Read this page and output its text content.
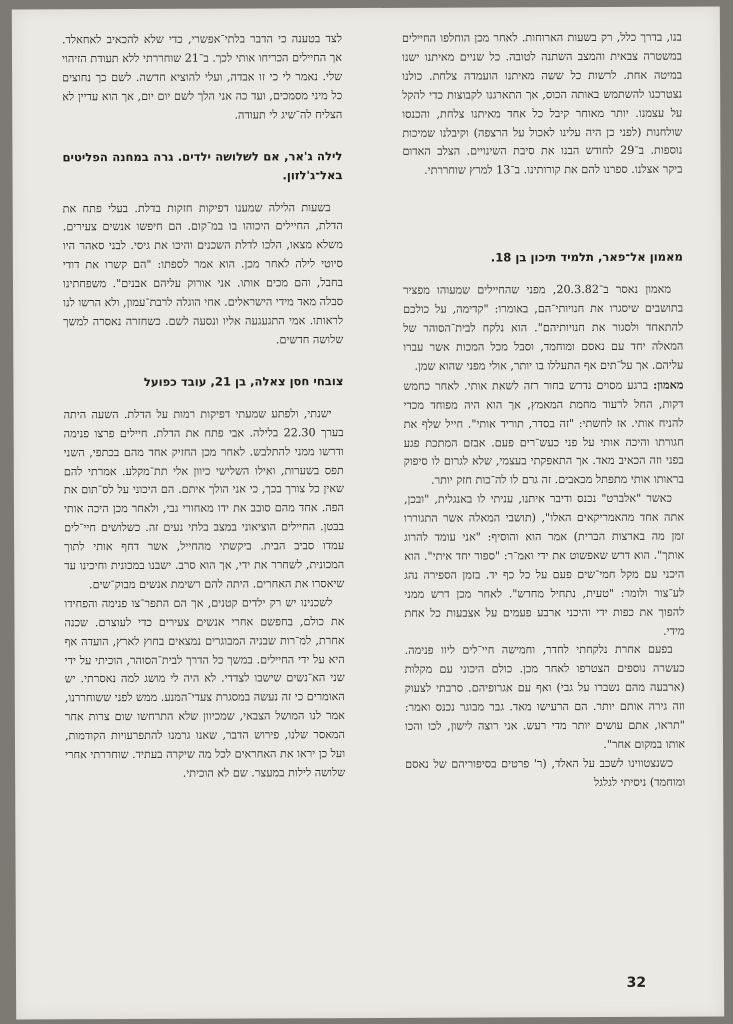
בנו, בדרך כלל, רק בשעות הארוחות. לאחר מכן הוחלפו החיילים במשטרה צבאית והמצב השתנה לטובה. כל שניים מאיתנו ישנו במיטה אחת. לרשות כל ששה מאיתנו הועמדה צלחת. כולנו נצטרכנו להשתמש באותה הכוס, אך התארגנו לקבוצות כדי להקל על עצמנו. יותר מאוחר קיבל כל אחד מאיתנו צלחת, והכנסו שולחנות (לפני כן היה עלינו לאכול על הרצפה) וקיבלנו שמיכות נוספות. ב־29 לחודש הבנו את סיבת השינויים. הצלב האדום ביקר אצלנו. ספרנו להם את קורותינו. ב־13 למרץ שוחררתי.

מאמון אל־פאר, תלמיד תיכון בן 18.

מאמון נאסר ב־20.3.82, מפני שהחיילים שמעוהו מפציר בתושבים שיסגרו את חנויותי־הם, באומרו: "קדימה, על כולכם להתאחד ולסגור את חנויותיהם". הוא נלקח לבית־הסוהר של המאלה יחד עם נאסם ומוחמד, וסבל מכל המכות אשר עברו עליהם. אך על־תים אף התעללו בו יותר, אולי מפני שהוא שמן.

מאמון: ברגע מסוים נדרש בחור רזה לשאת אותי. לאחר כחמש דקות, החל לרעוד מחמת המאמץ, אך הוא היה מפוחד מכדי להניח אותי. אז לחשתי: "זה בסדר, תוריד אותי". חייל שלף את חגורתו והיכה אותי על פני כעש־רים פעם. אבזם המתכת פגע בפני וזה הכאיב מאד. אך התאפקתי בעצמי, שלא לגרום לו סיפוק בראותו אותי מתפתל מכאבים. זה גרם לו לה־כות חזק יותר.

כאשר "אלברט" נכנס ודיבר איתנו, עניתי לו באנגלית, "ובכן, אתה אחד מהאמריקאים האלו", (תושבי המאלה אשר התגוררו זמן מה בארצות הברית) אמר הוא והוסיף: "אני עומד להרוג אותך". הוא דרש שאפשוט את ידי ואמ־ר: "ספור יחד איתי". הוא היכני עם מקל חמי־שים פעם על כל כף יד. בזמן הספירה נהג לע־צור ולומר: "טעית, נתחיל מחדש". לאחר מכן דרש ממני להפוך את כפות ידי והיכני ארבע פעמים על אצבעות כל אחת מידי.

בפעם אחרת נלקחתי לחדר, וחמישה חיי־לים ליוו פנימה. כעשרה נוספים הצטרפו לאחר מכן. כולם היכוני עם מקלות (ארבעה מהם נשברו על גבי) ואף עם אגרופיהם. סרבתי לצעוק וזה גירה אותם יותר. הם הרעישו מאד. גבר מבוגר נכנס ואמר: "תראו, אתם עושים יותר מדי רעש. אני רוצה לישון, לכו והכו אותו במקום אחר".

כשנצטווינו לשכב על האלד, (ר' פרטים בסיפוריהם של נאסם ומוחמד) ניסיתי לגלגל

לצד בטענה כי הדבר בלתי־אפשרי, כדי שלא להכאיב לאחאלד. אך החיילים הכריחו אותי לכך. ב־21 שוחררתי ללא תעודת הזיהוי שלי. נאמר לי כי זו אבדה, ועלי להוציא חדשה. לשם כך נחוצים כל מיני מסמכים, ועד כה אני הלך לשם יום יום, אך הוא עדיין לא הצליח לה־שיג לי תעודה.

לילה ג'אר, אם לשלושה ילדים. גרה במחנה הפליטים באל־ג'לזון.

בשעות הלילה שמענו דפיקות חזקות בדלת. בעלי פתח את הדלת, החיילים היכוהו בו במ־קום. הם חיפשו אנשים צעירים. משלא מצאו, הלכו לדלת השכנים והיכו את גיסי. לבני סאהר היו סיוטי לילה לאחר מכן. הוא אמר לספתו: "הם קשרו את דודי בחבל, והם מכים אותו. אני אורוק עליהם אבנים". משפחתינו סבלה מאד מידי הישראלים. אחי הוגלה לרבת־עמון, ולא הרשו לנו לראותו. אמי התגעגעה אליו ונסעה לשם. כשחזרה נאסרה למשך שלושה חדשים.

צובחי חסן צאלה, בן 21, עובד כפועל

ישנתי, ולפתע שמעתי דפיקות רמות על הדלת. השעה היתה בערך 22.30 בלילה. אבי פתח את הדלת. חיילים פרצו פנימה ודרשו ממני להתלבש. לאחר מכן החזיק אחד מהם בכתפי, השני תפס בשערות, ואילו השלישי כיוון אלי תת־מקלע. אמרתי להם שאין כל צורך בכך, כי אני הולך איתם. הם היכוני על לס־תום את הפה. אחד מהם סובב את ידו מאחורי גבי, ולאחר מכן היכה אותי בבטן. החיילים הוציאוני במצב בלתי נעים זה. כשלושים חיי־לים עמדו סביב הבית. ביקשתי מהחייל, אשר דחף אותי לתוך המכונית, לשחרר את ידי, אך הוא סרב. ישבנו במכונית וחיכינו עד שיאסרו את האחרים. היתה להם רשימת אנשים מבוק־שים.

לשכנינו יש רק ילדים קטנים, אך הם התפר־צו פנימה והפחידו את כולם, בחפשם אחרי אנשים צעירים כדי לעוצרם. שכנה אחרת, למ־רות שבניה המבוגרים נמצאים בחוץ לארץ, הועדה אף היא על ידי החיילים. במשך כל הדרך לבית־הסוהר, הוכיתי על ידי שני הא־נשים שישבו לצדדי. לא היה לי מושג למה נאסרתי. יש האומרים כי זה נעשה במסגרת צעדי־המנע. ממש לפני ששוחררנו, אמר לנו המושל הצבאי, שמכיוון שלא התרחשו שום צרות אחר המאסר שלנו, פירוש הדבר, שאנו גרמנו להתפרעויות הקודמות, ועל כן יראו את האחראים לכל מה שיקרה בעתיד. שוחררתי אחרי שלושה לילות במעצר. שם לא הוכיתי.

32
